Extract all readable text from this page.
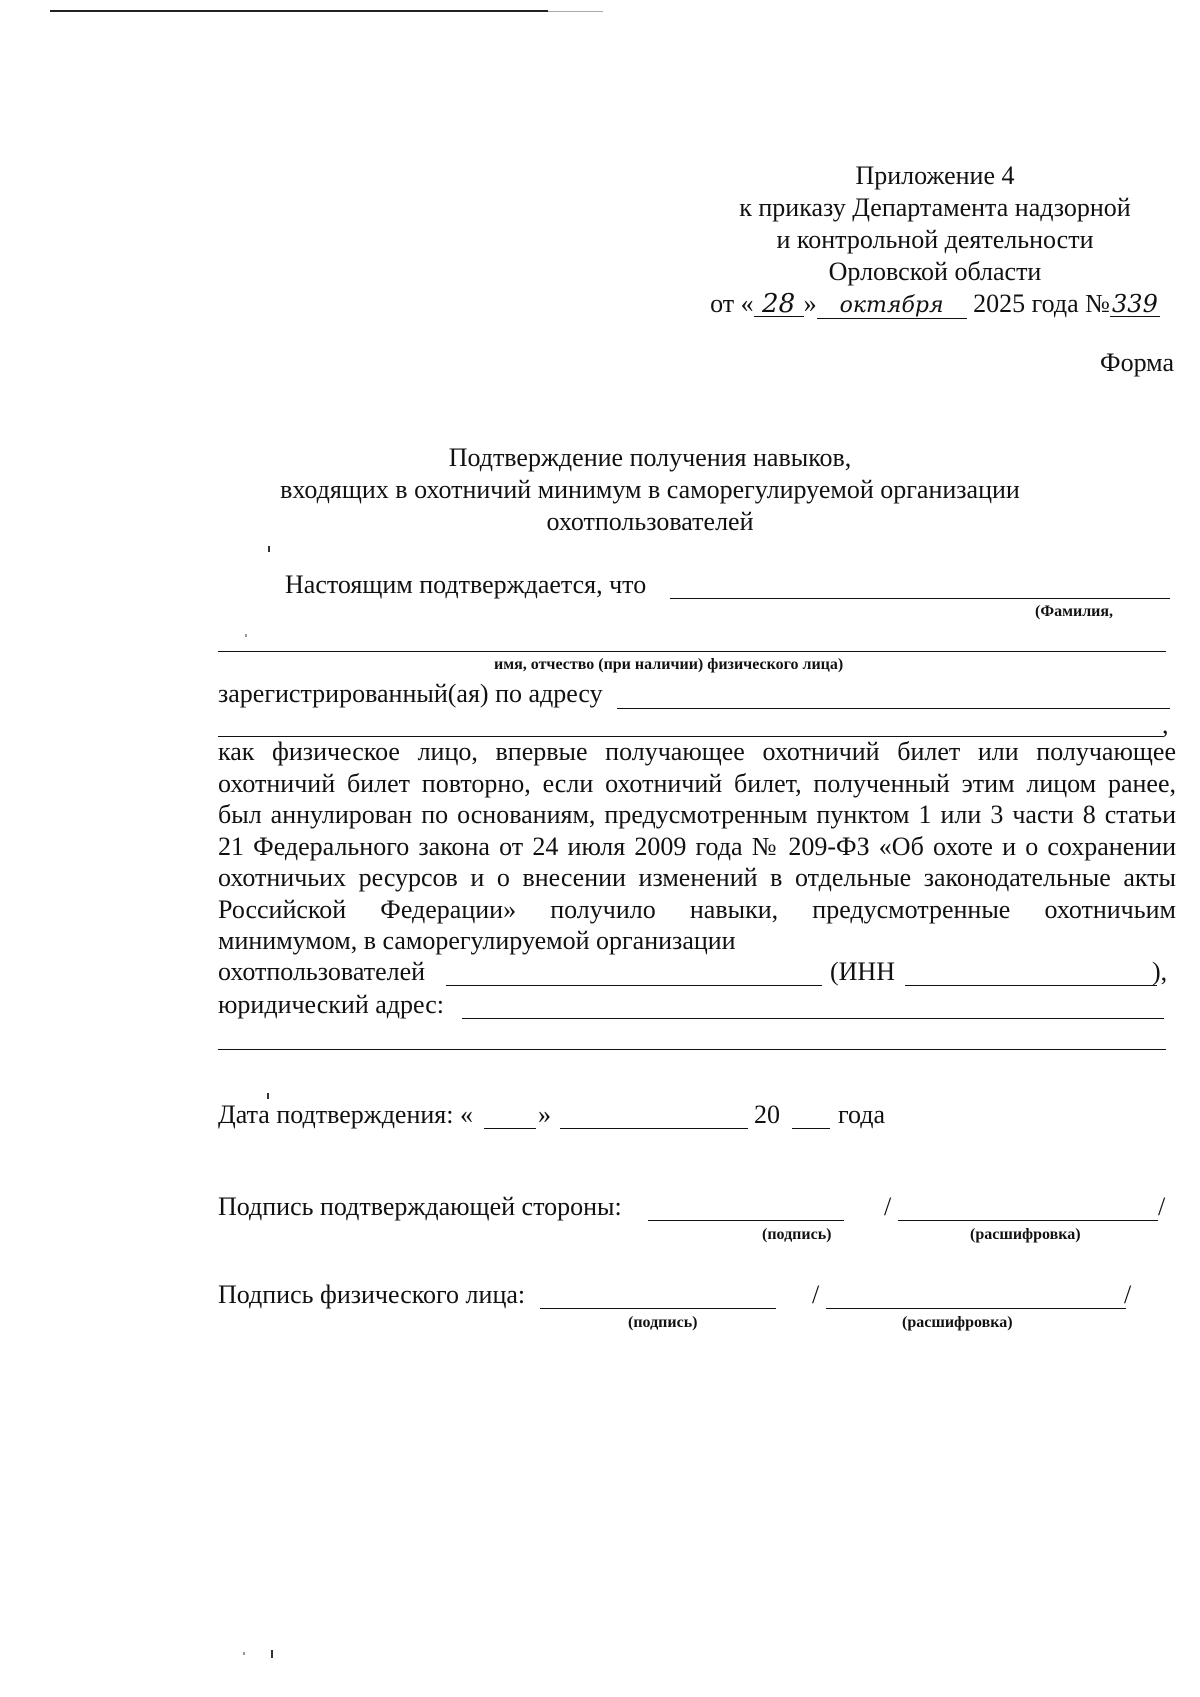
Приложение 4
к приказу Департамента надзорной
и контрольной деятельности
Орловской области
от « 28 » октября 2025 года №339
Форма
Подтверждение получения навыков,
входящих в охотничий минимум в саморегулируемой организации
охотпользователей
Настоящим подтверждается, что
(Фамилия,
имя, отчество (при наличии) физического лица)
зарегистрированный(ая) по адресу
,
как физическое лицо, впервые получающее охотничий билет или получающее охотничий билет повторно, если охотничий билет, полученный этим лицом ранее, был аннулирован по основаниям, предусмотренным пунктом 1 или 3 части 8 статьи 21 Федерального закона от 24 июля 2009 года № 209-ФЗ «Об охоте и о сохранении охотничьих ресурсов и о внесении изменений в отдельные законодательные акты Российской Федерации» получило навыки, предусмотренные охотничьим минимумом, в саморегулируемой организации
охотпользователей	(ИНН	),
юридический адрес:
Дата подтверждения: «	»	20 года
Подпись подтверждающей стороны:	/	/
(подпись)	(расшифровка)
Подпись физического лица:	/	/
(подпись)	(расшифровка)
